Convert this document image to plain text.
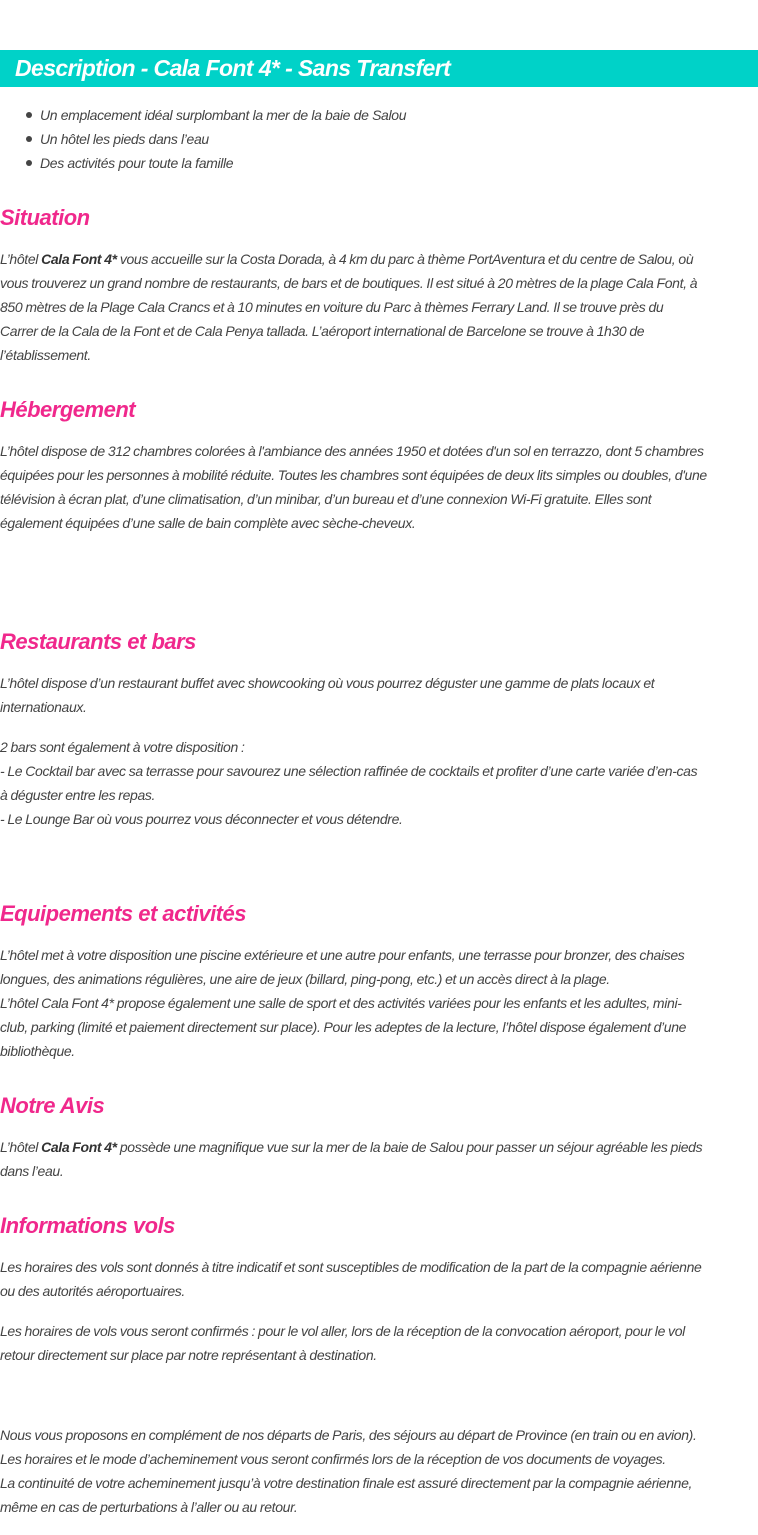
Description - Cala Font 4* - Sans Transfert
Un emplacement idéal surplombant la mer de la baie de Salou
Un hôtel les pieds dans l’eau
Des activités pour toute la famille
Situation

L’hôtel Cala Font 4* vous accueille sur la Costa Dorada, à 4 km du parc à thème PortAventura et du centre de Salou, où
vous trouverez un grand nombre de restaurants, de bars et de boutiques. Il est situé à 20 mètres de la plage Cala Font, à
850 mètres de la Plage Cala Crancs et à 10 minutes en voiture du Parc à thèmes Ferrary Land. Il se trouve près du
Carrer de la Cala de la Font et de Cala Penya tallada. L’aéroport international de Barcelone se trouve à 1h30 de
l’établissement.

Hébergement

L’hôtel dispose de 312 chambres colorées à l'ambiance des années 1950 et dotées d'un sol en terrazzo, dont 5 chambres
équipées pour les personnes à mobilité réduite. Toutes les chambres sont équipées de deux lits simples ou doubles, d'une
télévision à écran plat, d’une climatisation, d’un minibar, d’un bureau et d’une connexion Wi-Fi gratuite. Elles sont
également équipées d’une salle de bain complète avec sèche-cheveux.

Restaurants et bars

L’hôtel dispose d’un restaurant buffet avec showcooking où vous pourrez déguster une gamme de plats locaux et
internationaux.

2 bars sont également à votre disposition :
- Le Cocktail bar avec sa terrasse pour savourez une sélection raffinée de cocktails et profiter d’une carte variée d’en-cas
à déguster entre les repas.
- Le Lounge Bar où vous pourrez vous déconnecter et vous détendre.

Equipements et activités

L’hôtel met à votre disposition une piscine extérieure et une autre pour enfants, une terrasse pour bronzer, des chaises
longues, des animations régulières, une aire de jeux (billard, ping-pong, etc.) et un accès direct à la plage.
L’hôtel Cala Font 4* propose également une salle de sport et des activités variées pour les enfants et les adultes, mini-
club, parking (limité et paiement directement sur place). Pour les adeptes de la lecture, l’hôtel dispose également d’une
bibliothèque.

Notre Avis

L’hôtel Cala Font 4* possède une magnifique vue sur la mer de la baie de Salou pour passer un séjour agréable les pieds
dans l’eau.

Informations vols

Les horaires des vols sont donnés à titre indicatif et sont susceptibles de modification de la part de la compagnie aérienne
ou des autorités aéroportuaires.

Les horaires de vols vous seront confirmés : pour le vol aller, lors de la réception de la convocation aéroport, pour le vol
retour directement sur place par notre représentant à destination.

Nous vous proposons en complément de nos départs de Paris, des séjours au départ de Province (en train ou en avion).
Les horaires et le mode d’acheminement vous seront confirmés lors de la réception de vos documents de voyages.
La continuité de votre acheminement jusqu’à votre destination finale est assuré directement par la compagnie aérienne,
même en cas de perturbations à l’aller ou au retour.
